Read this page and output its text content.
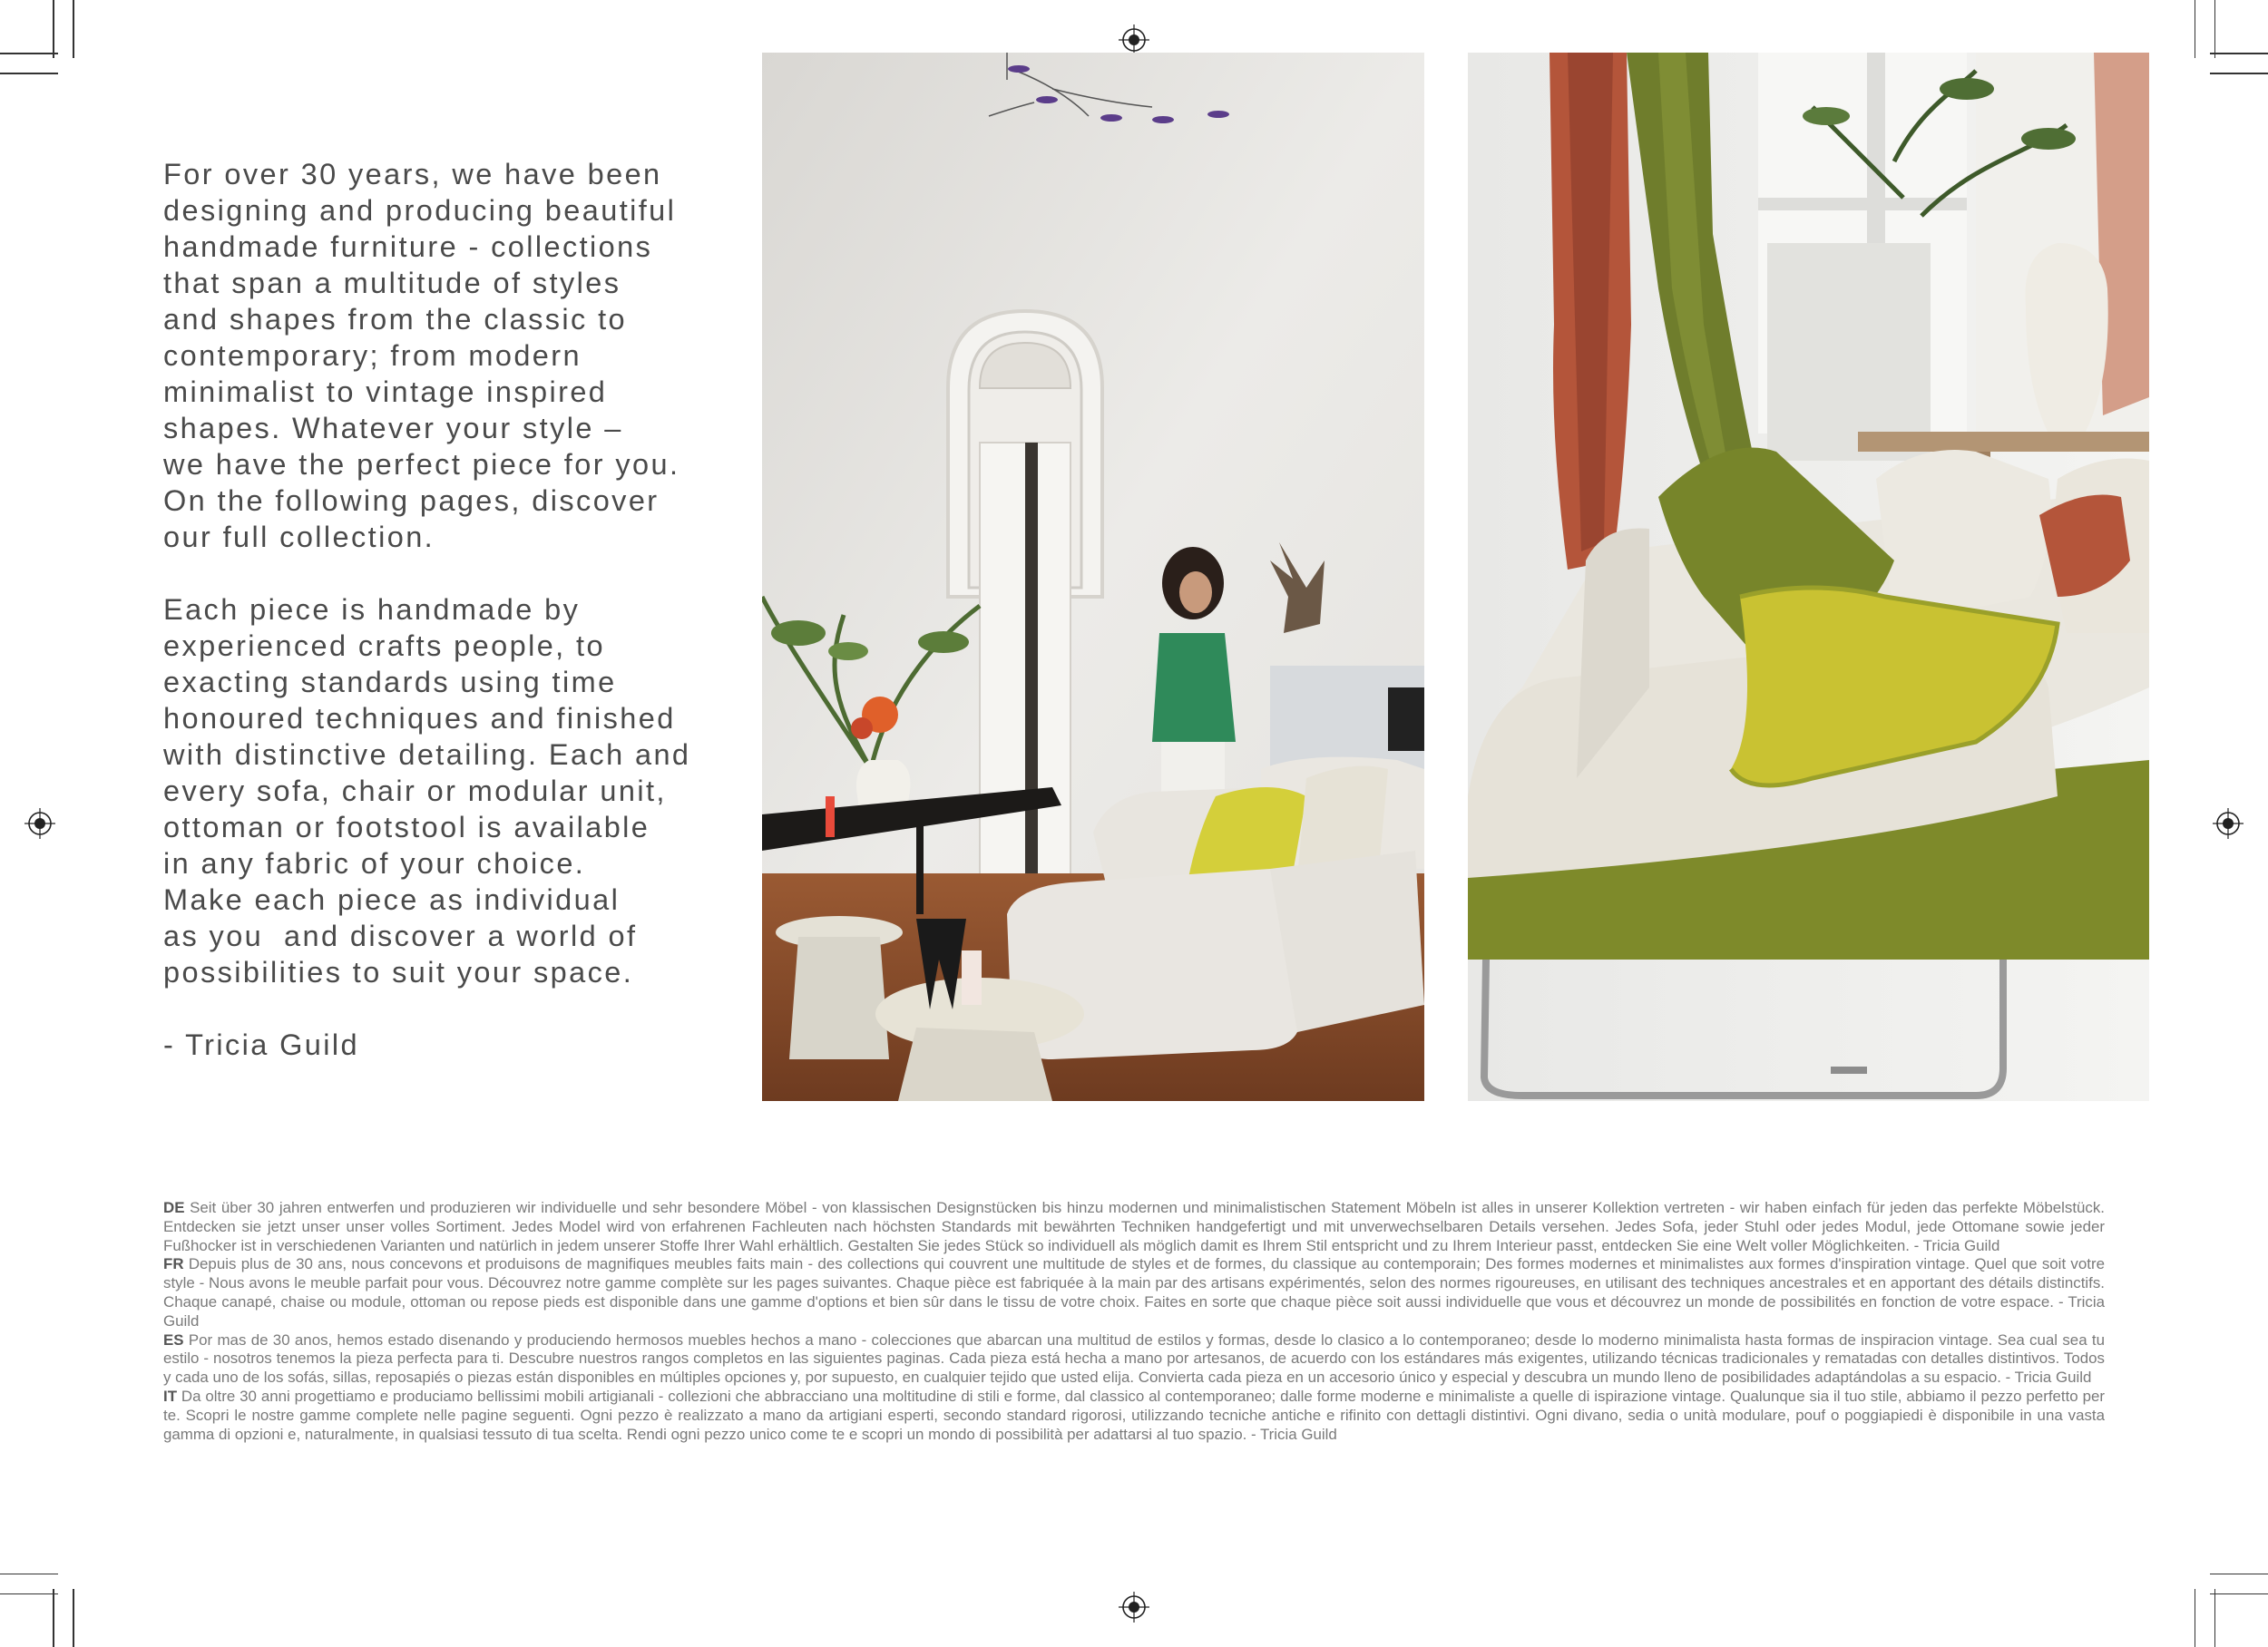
For over 30 years, we have been
designing and producing beautiful
handmade furniture - collections
that span a multitude of styles
and shapes from the classic to
contemporary; from modern
minimalist to vintage inspired
shapes. Whatever your style –
we have the perfect piece for you.
On the following pages, discover
our full collection.
Each piece is handmade by
experienced crafts people, to
exacting standards using time
honoured techniques and finished
with distinctive detailing. Each and
every sofa, chair or modular unit,
ottoman or footstool is available
in any fabric of your choice.
Make each piece as individual
as you  and discover a world of
possibilities to suit your space.
- Tricia Guild

DE Seit über 30 jahren entwerfen und produzieren wir individuelle und sehr besondere Möbel - von klassischen Designstücken bis hinzu modernen und minimalistischen Statement Möbeln ist alles in unserer Kollektion vertreten - wir haben einfach für jeden das perfekte Möbelstück. Entdecken sie jetzt unser unser volles Sortiment. Jedes Model wird von erfahrenen Fachleuten nach höchsten Standards mit bewährten Techniken handgefertigt und mit unverwechselbaren Details versehen. Jedes Sofa, jeder Stuhl oder jedes Modul, jede Ottomane sowie jeder Fußhocker ist in verschiedenen Varianten und natürlich in jedem unserer Stoffe Ihrer Wahl erhältlich. Gestalten Sie jedes Stück so individuell als möglich damit es Ihrem Stil entspricht und zu Ihrem Interieur passt, entdecken Sie eine Welt voller Möglichkeiten. - Tricia Guild

FR Depuis plus de 30 ans, nous concevons et produisons de magnifiques meubles faits main - des collections qui couvrent une multitude de styles et de formes, du classique au contemporain; Des formes modernes et minimalistes aux formes d'inspiration vintage. Quel que soit votre style - Nous avons le meuble parfait pour vous. Découvrez notre gamme complète sur les pages suivantes. Chaque pièce est fabriquée à la main par des artisans expérimentés, selon des normes rigoureuses, en utilisant des techniques ancestrales et en apportant des détails distinctifs. Chaque canapé, chaise ou module, ottoman ou repose pieds est disponible dans une gamme d'options et bien sûr dans le tissu de votre choix. Faites en sorte que chaque pièce soit aussi individuelle que vous et découvrez un monde de possibilités en fonction de votre espace. - Tricia Guild

ES Por mas de 30 anos, hemos estado disenando y produciendo hermosos muebles hechos a mano - colecciones que abarcan una multitud de estilos y formas, desde lo clasico a lo contemporaneo; desde lo moderno minimalista hasta formas de inspiracion vintage. Sea cual sea tu estilo - nosotros tenemos la pieza perfecta para ti. Descubre nuestros rangos completos en las siguientes paginas. Cada pieza está hecha a mano por artesanos, de acuerdo con los estándares más exigentes, utilizando técnicas tradicionales y rematadas con detalles distintivos. Todos y cada uno de los sofás, sillas, reposapiés o piezas están disponibles en múltiples opciones y, por supuesto, en cualquier tejido que usted elija. Convierta cada pieza en un accesorio único y especial y descubra un mundo lleno de posibilidades adaptándolas a su espacio. - Tricia Guild

IT Da oltre 30 anni progettiamo e produciamo bellissimi mobili artigianali - collezioni che abbracciano una moltitudine di stili e forme, dal classico al contemporaneo; dalle forme moderne e minimaliste a quelle di ispirazione vintage. Qualunque sia il tuo stile, abbiamo il pezzo perfetto per te. Scopri le nostre gamme complete nelle pagine seguenti. Ogni pezzo è realizzato a mano da artigiani esperti, secondo standard rigorosi, utilizzando tecniche antiche e rifinito con dettagli distintivi. Ogni divano, sedia o unità modulare, pouf o poggiapiedi è disponibile in una vasta gamma di opzioni e, naturalmente, in qualsiasi tessuto di tua scelta. Rendi ogni pezzo unico come te e scopri un mondo di possibilità per adattarsi al tuo spazio. - Tricia Guild
